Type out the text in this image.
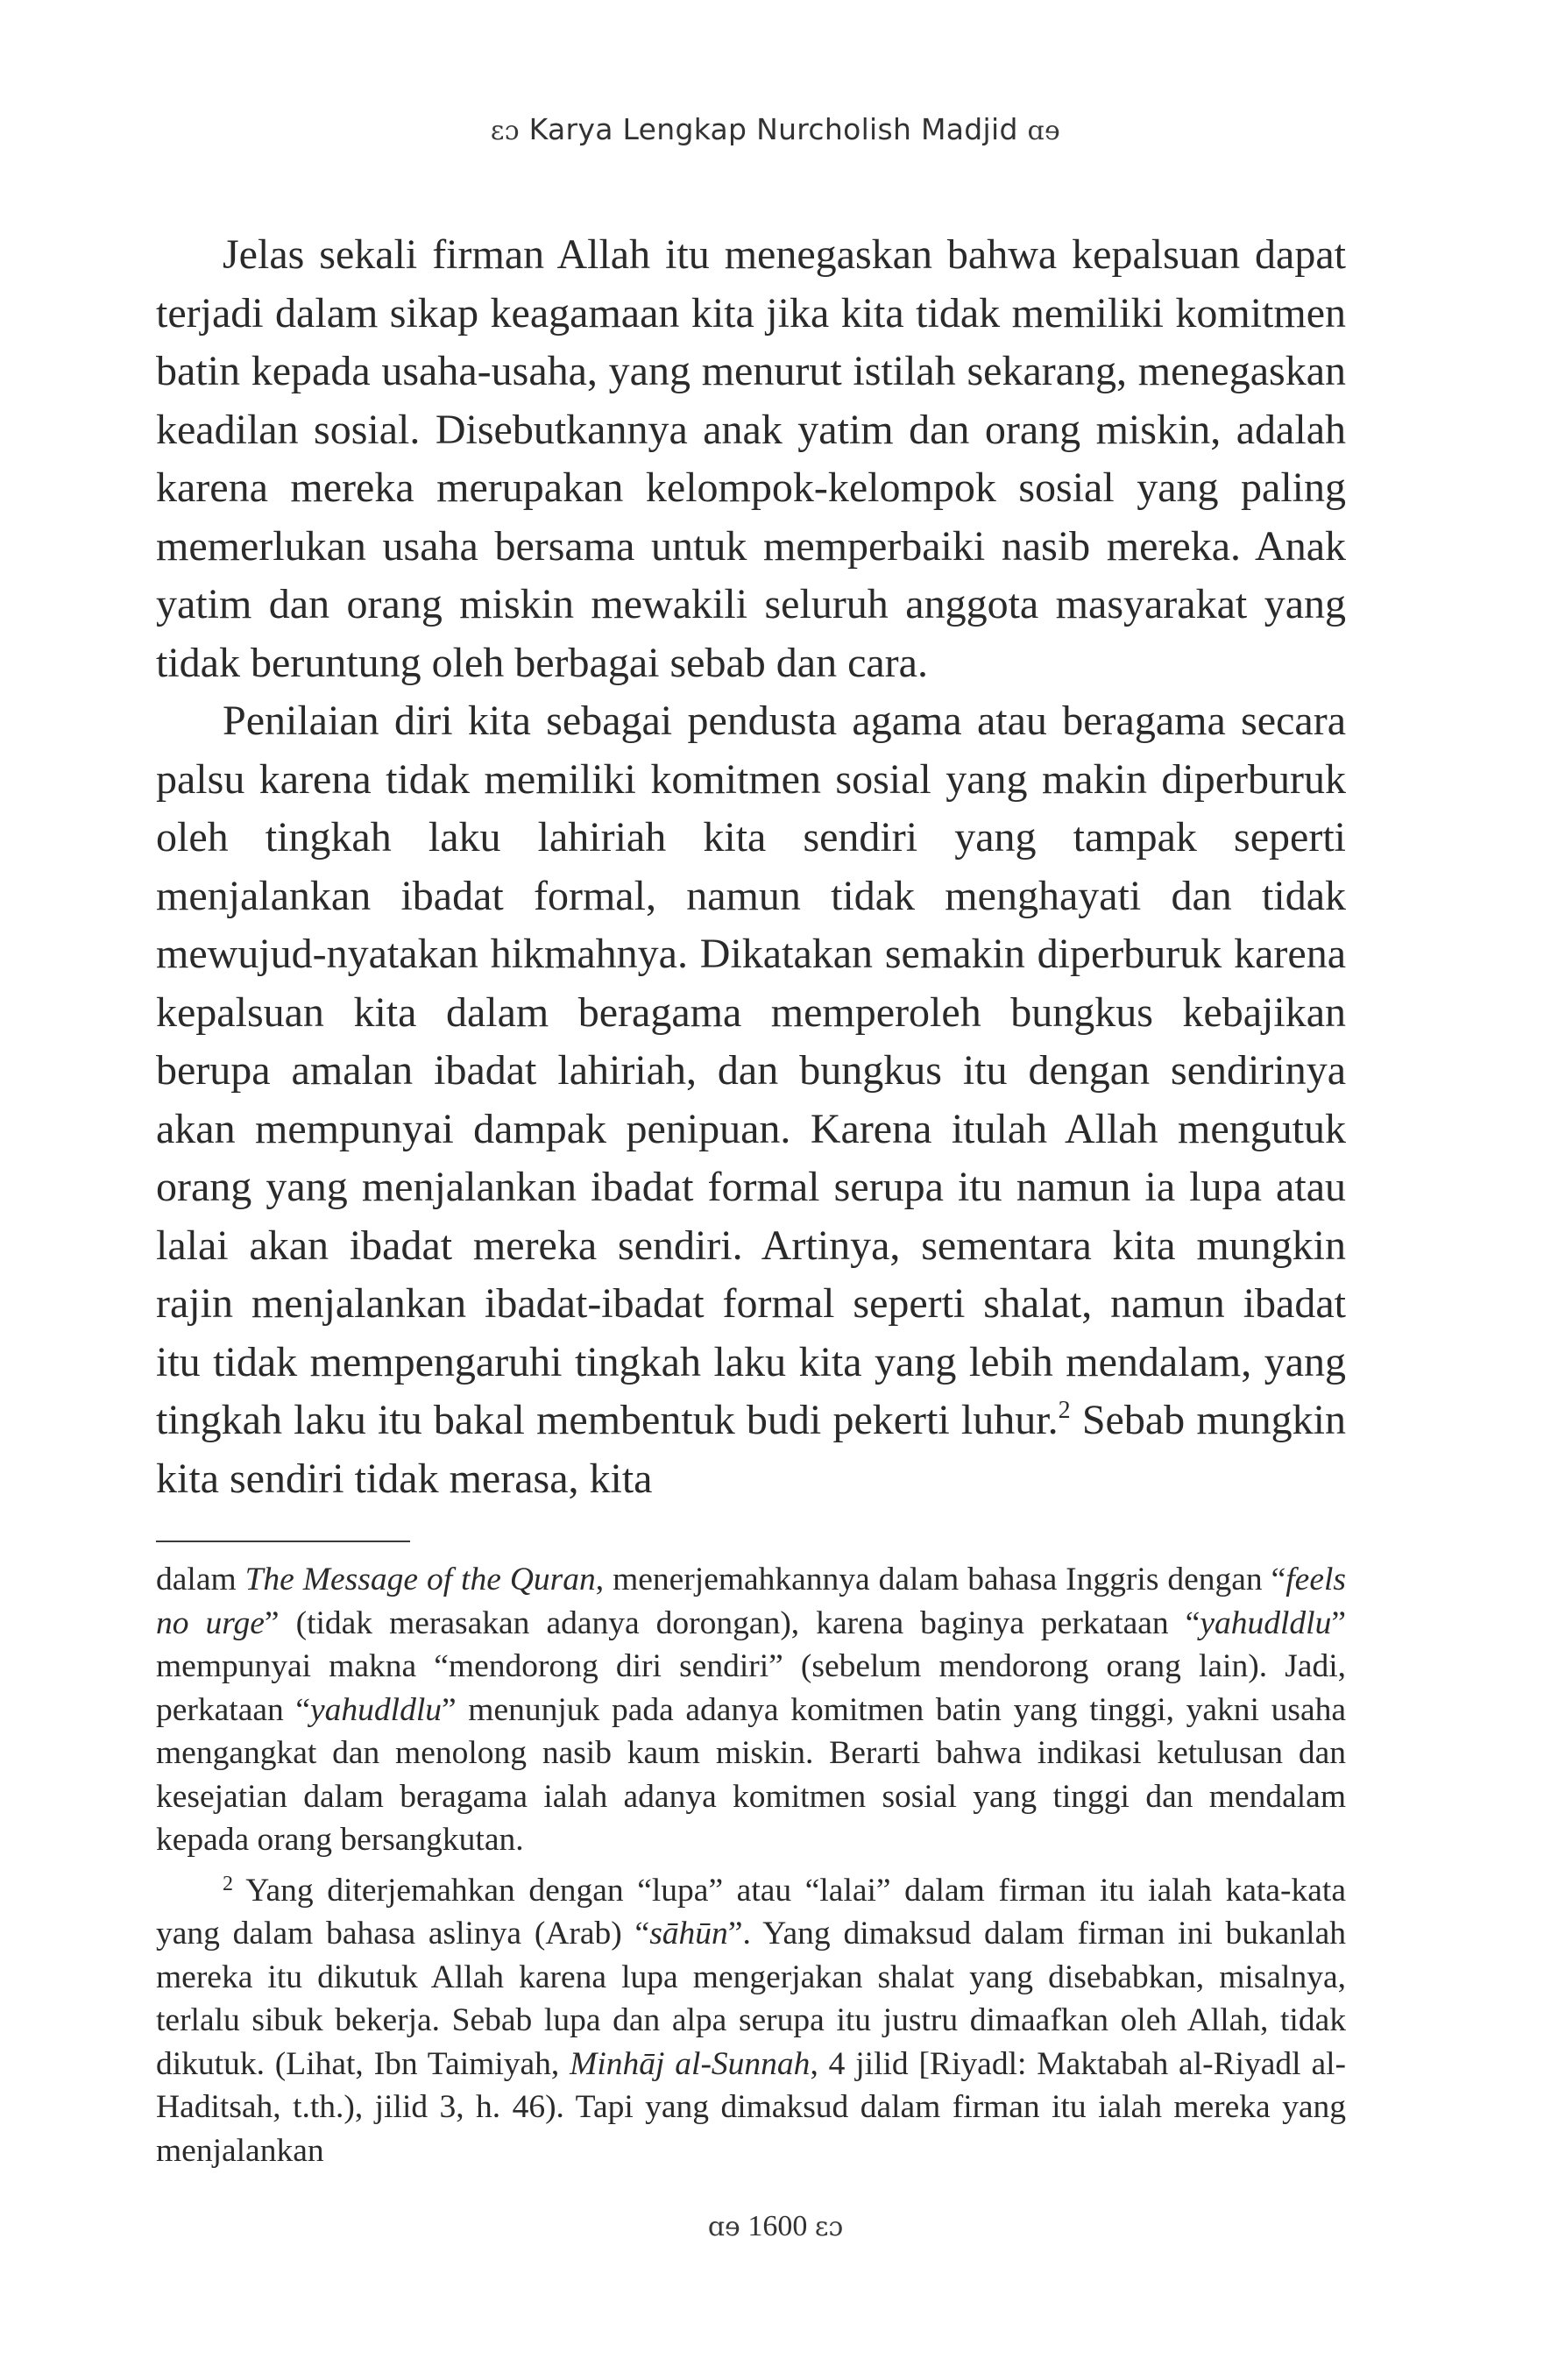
ɛɔ Karya Lengkap Nurcholish Madjid ɑɘ

Jelas sekali firman Allah itu menegaskan bahwa kepalsuan dapat terjadi dalam sikap keagamaan kita jika kita tidak memiliki komitmen batin kepada usaha-usaha, yang menurut istilah sekarang, menegaskan keadilan sosial. Disebutkannya anak yatim dan orang miskin, adalah karena mereka merupakan kelompok-kelompok sosial yang paling memerlukan usaha bersama untuk memperbaiki nasib mereka. Anak yatim dan orang miskin mewakili seluruh anggota masyarakat yang tidak beruntung oleh berbagai sebab dan cara.

Penilaian diri kita sebagai pendusta agama atau beragama secara palsu karena tidak memiliki komitmen sosial yang makin diperburuk oleh tingkah laku lahiriah kita sendiri yang tampak seperti menjalankan ibadat formal, namun tidak menghayati dan tidak mewujud-nyatakan hikmahnya. Dikatakan semakin diperburuk karena kepalsuan kita dalam beragama memperoleh bungkus kebajikan berupa amalan ibadat lahiriah, dan bungkus itu dengan sendirinya akan mempunyai dampak penipuan. Karena itulah Allah mengutuk orang yang menjalankan ibadat formal serupa itu namun ia lupa atau lalai akan ibadat mereka sendiri. Artinya, sementara kita mungkin rajin menjalankan ibadat-ibadat formal seperti shalat, namun ibadat itu tidak mempengaruhi tingkah laku kita yang lebih mendalam, yang tingkah laku itu bakal membentuk budi pekerti luhur.$^2$ Sebab mungkin kita sendiri tidak merasa, kita

dalam The Message of the Quran, menerjemahkannya dalam bahasa Inggris dengan “feels no urge” (tidak merasakan adanya dorongan), karena baginya perkataan “yahudldlu” mempunyai makna “mendorong diri sendiri” (sebelum mendorong orang lain). Jadi, perkataan “yahudldlu” menunjuk pada adanya komitmen batin yang tinggi, yakni usaha mengangkat dan menolong nasib kaum miskin. Berarti bahwa indikasi ketulusan dan kesejatian dalam beragama ialah adanya komitmen sosial yang tinggi dan mendalam kepada orang bersangkutan.

$^2$ Yang diterjemahkan dengan “lupa” atau “lalai” dalam firman itu ialah kata-kata yang dalam bahasa aslinya (Arab) “sāhūn”. Yang dimaksud dalam firman ini bukanlah mereka itu dikutuk Allah karena lupa mengerjakan shalat yang disebabkan, misalnya, terlalu sibuk bekerja. Sebab lupa dan alpa serupa itu justru dimaafkan oleh Allah, tidak dikutuk. (Lihat, Ibn Taimiyah, Minhāj al-Sunnah, 4 jilid [Riyadl: Maktabah al-Riyadl al-Haditsah, t.th.), jilid 3, h. 46). Tapi yang dimaksud dalam firman itu ialah mereka yang menjalankan

ɑɘ 1600 ɛɔ
